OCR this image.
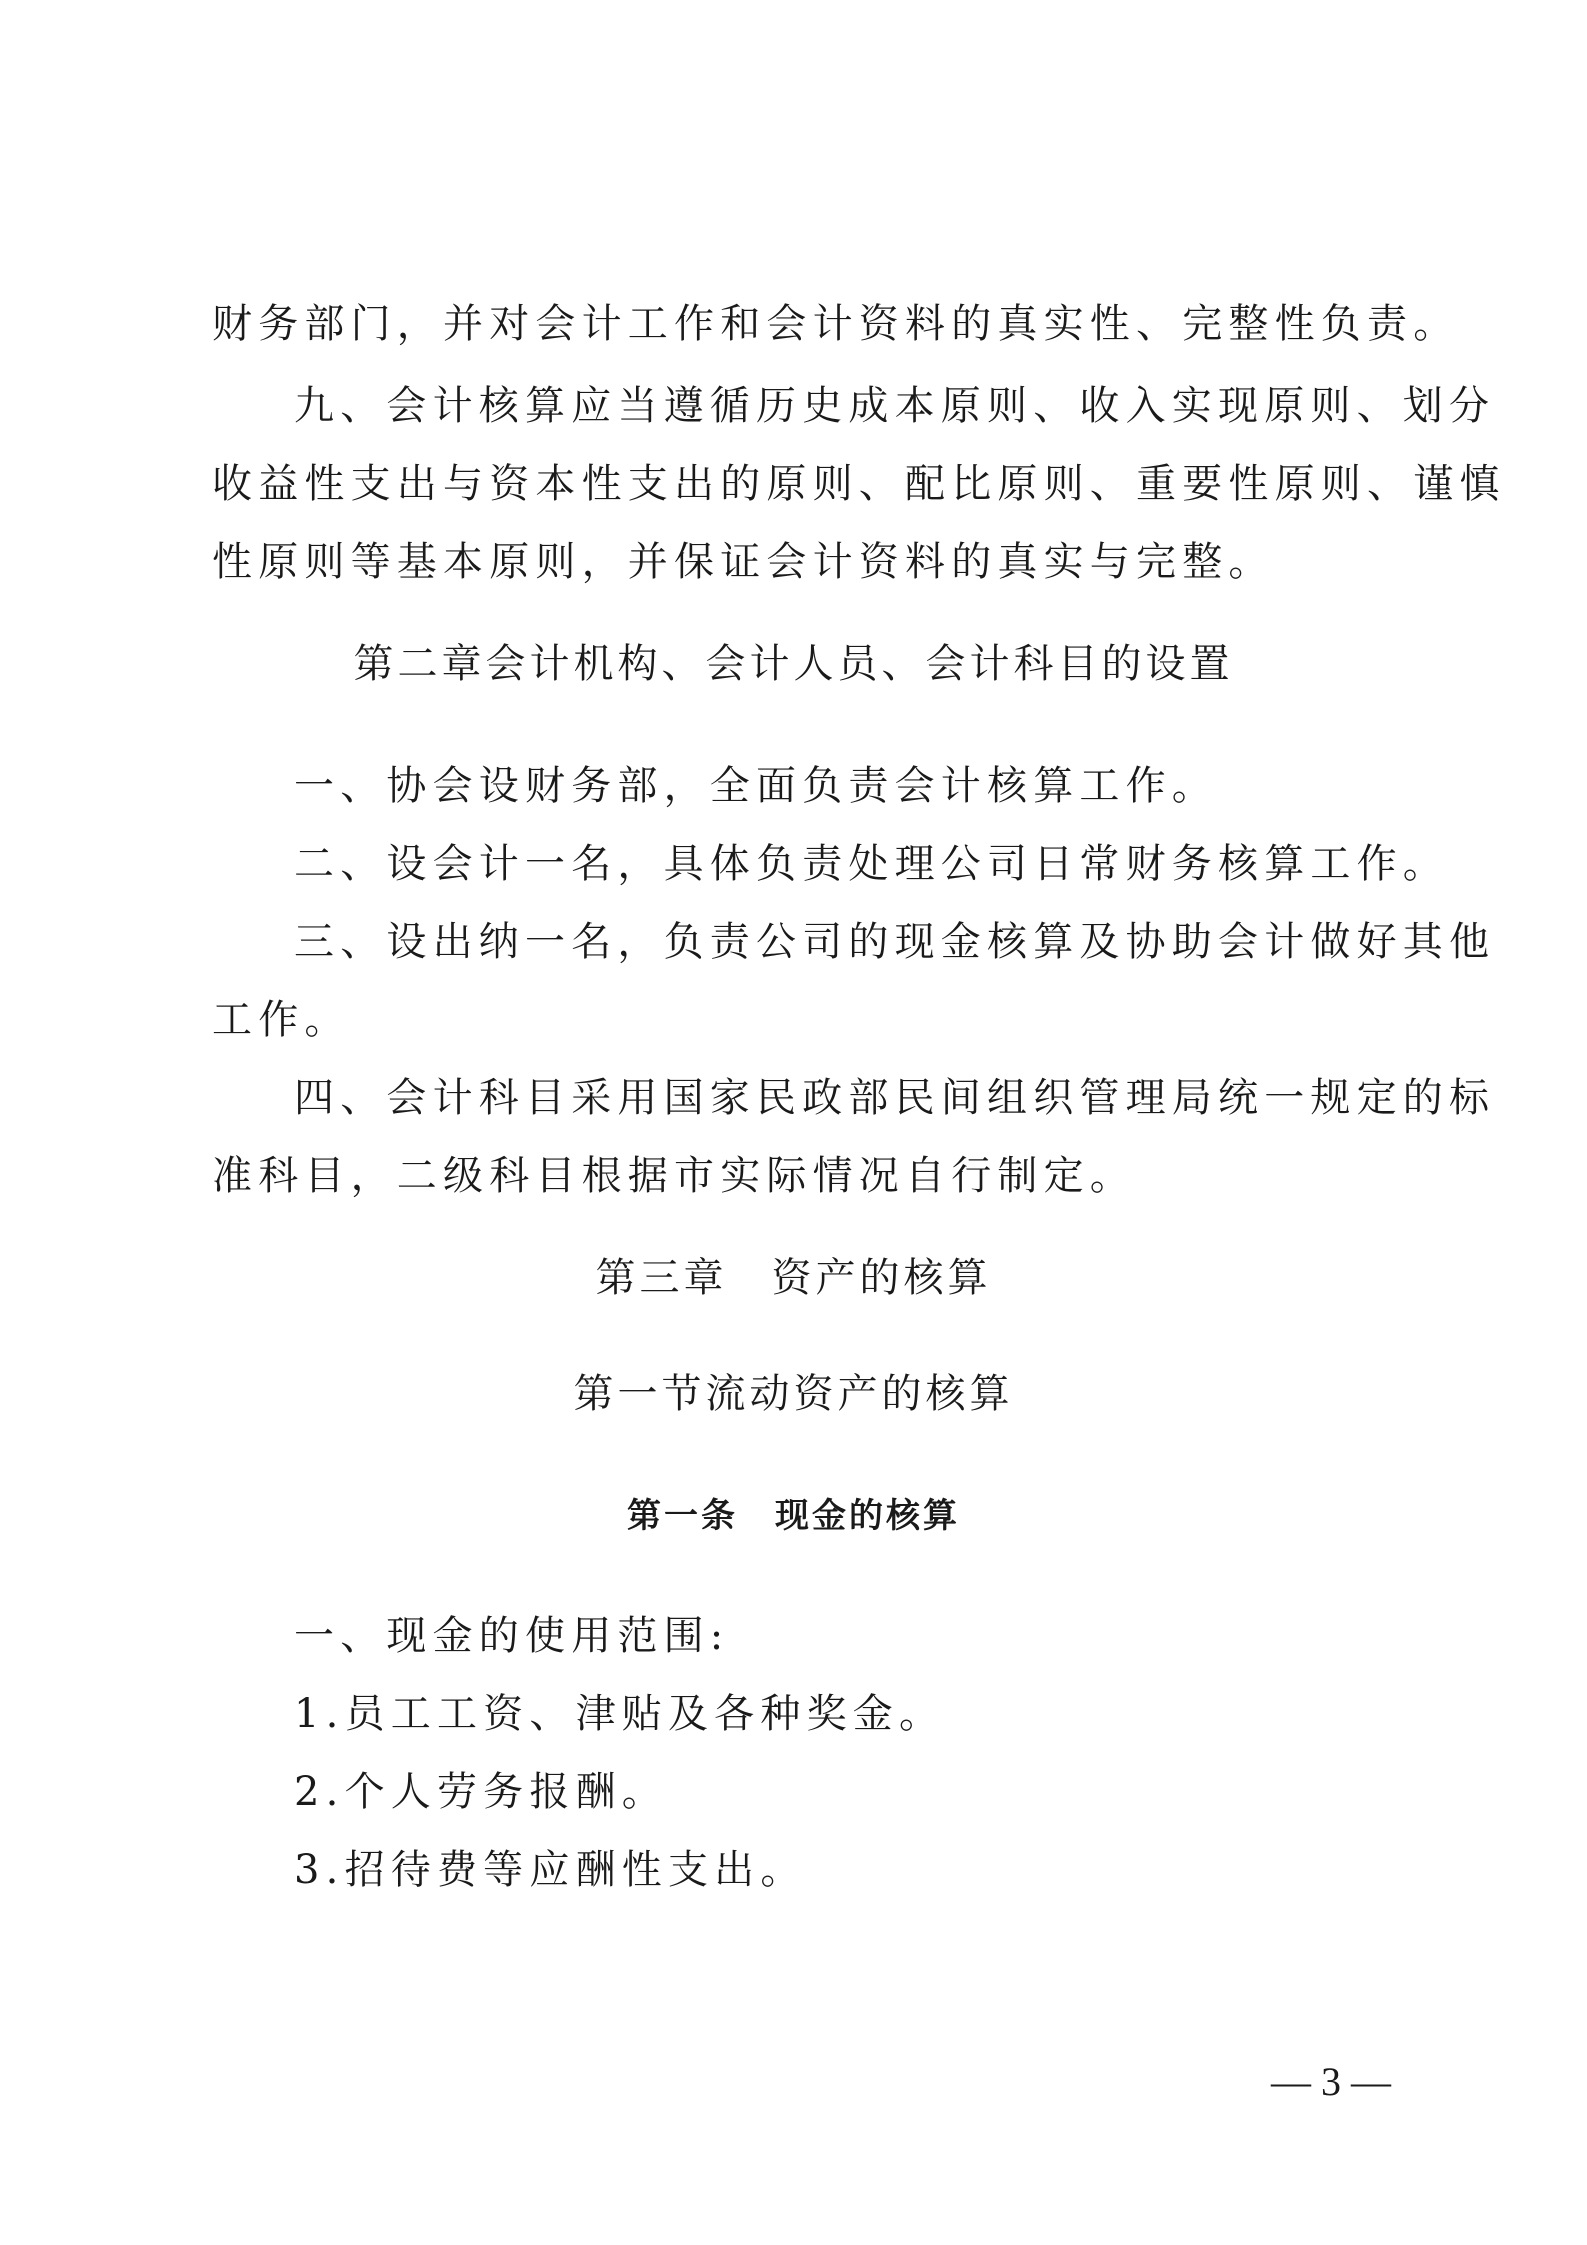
财务部门，并对会计工作和会计资料的真实性、完整性负责。
九、会计核算应当遵循历史成本原则、收入实现原则、划分
收益性支出与资本性支出的原则、配比原则、重要性原则、谨慎
性原则等基本原则，并保证会计资料的真实与完整。
第二章会计机构、会计人员、会计科目的设置
一、协会设财务部，全面负责会计核算工作。
二、设会计一名，具体负责处理公司日常财务核算工作。
三、设出纳一名，负责公司的现金核算及协助会计做好其他
工作。
四、会计科目采用国家民政部民间组织管理局统一规定的标
准科目，二级科目根据市实际情况自行制定。
第三章　资产的核算
第一节流动资产的核算
第一条　现金的核算
一、现金的使用范围:
1.员工工资、津贴及各种奖金。
2.个人劳务报酬。
3.招待费等应酬性支出。
— 3 —
